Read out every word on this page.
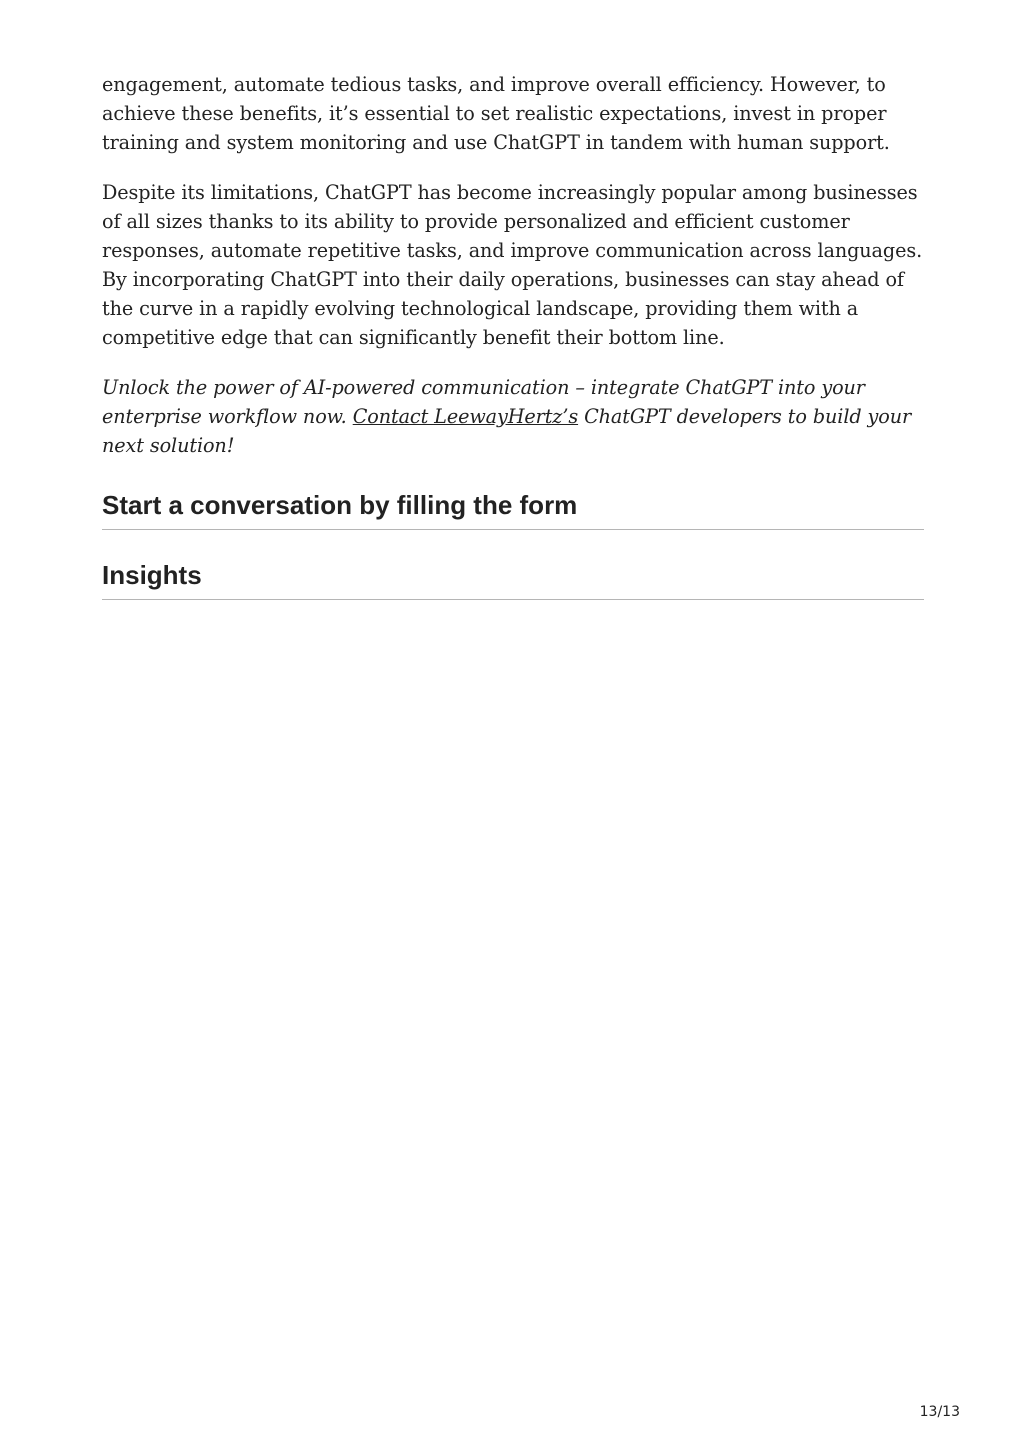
engagement, automate tedious tasks, and improve overall efficiency. However, to achieve these benefits, it’s essential to set realistic expectations, invest in proper training and system monitoring and use ChatGPT in tandem with human support.

Despite its limitations, ChatGPT has become increasingly popular among businesses of all sizes thanks to its ability to provide personalized and efficient customer responses, automate repetitive tasks, and improve communication across languages. By incorporating ChatGPT into their daily operations, businesses can stay ahead of the curve in a rapidly evolving technological landscape, providing them with a competitive edge that can significantly benefit their bottom line.

Unlock the power of AI-powered communication – integrate ChatGPT into your enterprise workflow now. Contact LeewayHertz’s ChatGPT developers to build your next solution!

Start a conversation by filling the form
Insights
13/13
